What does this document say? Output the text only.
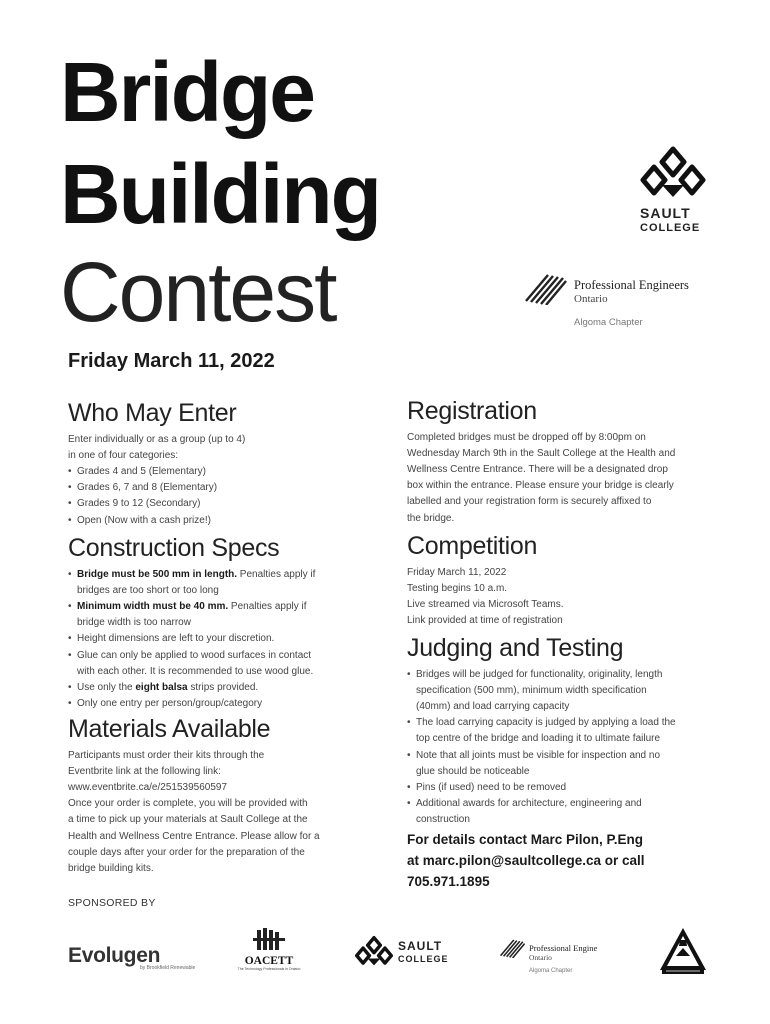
Bridge
Building
Contest
SAULT
COLLEGE
Professional Engineers
Ontario
Algoma Chapter
Friday March 11, 2022
Who May Enter

Enter individually or as a group (up to 4)

in one of four categories:

• Grades 4 and 5 (Elementary)
• Grades 6, 7 and 8 (Elementary)
• Grades 9 to 12 (Secondary)
• Open (Now with a cash prize!)
Construction Specs
• Bridge must be 500 mm in length. Penalties apply if
bridges are too short or too long
• Minimum width must be 40 mm. Penalties apply if
bridge width is too narrow
• Height dimensions are left to your discretion.
• Glue can only be applied to wood surfaces in contact
with each other. It is recommended to use wood glue.
• Use only the eight balsa strips provided.
• Only one entry per person/group/category
Materials Available

Participants must order their kits through the

Eventbrite link at the following link:

www.eventbrite.ca/e/251539560597

Once your order is complete, you will be provided with

a time to pick up your materials at Sault College at the

Health and Wellness Centre Entrance. Please allow for a

couple days after your order for the preparation of the

bridge building kits.

Registration

Completed bridges must be dropped off by 8:00pm on

Wednesday March 9th in the Sault College at the Health and

Wellness Centre Entrance. There will be a designated drop

box within the entrance. Please ensure your bridge is clearly

labelled and your registration form is securely affixed to

the bridge.

Competition

Friday March 11, 2022

Testing begins 10 a.m.

Live streamed via Microsoft Teams.

Link provided at time of registration

Judging and Testing
• Bridges will be judged for functionality, originality, length
specification (500 mm), minimum width specification
(40mm) and load carrying capacity
• The load carrying capacity is judged by applying a load the
top centre of the bridge and loading it to ultimate failure
• Note that all joints must be visible for inspection and no
glue should be noticeable
• Pins (if used) need to be removed
• Additional awards for architecture, engineering and
construction

For details contact Marc Pilon, P.Eng

at marc.pilon@saultcollege.ca or call

705.971.1895

SPONSORED BY
Evolugen
by Brookfield Renewable
OACETT
The Technology Professionals in Ontario
SAULT
COLLEGE
Professional Engine
Ontario
Algoma Chapter
